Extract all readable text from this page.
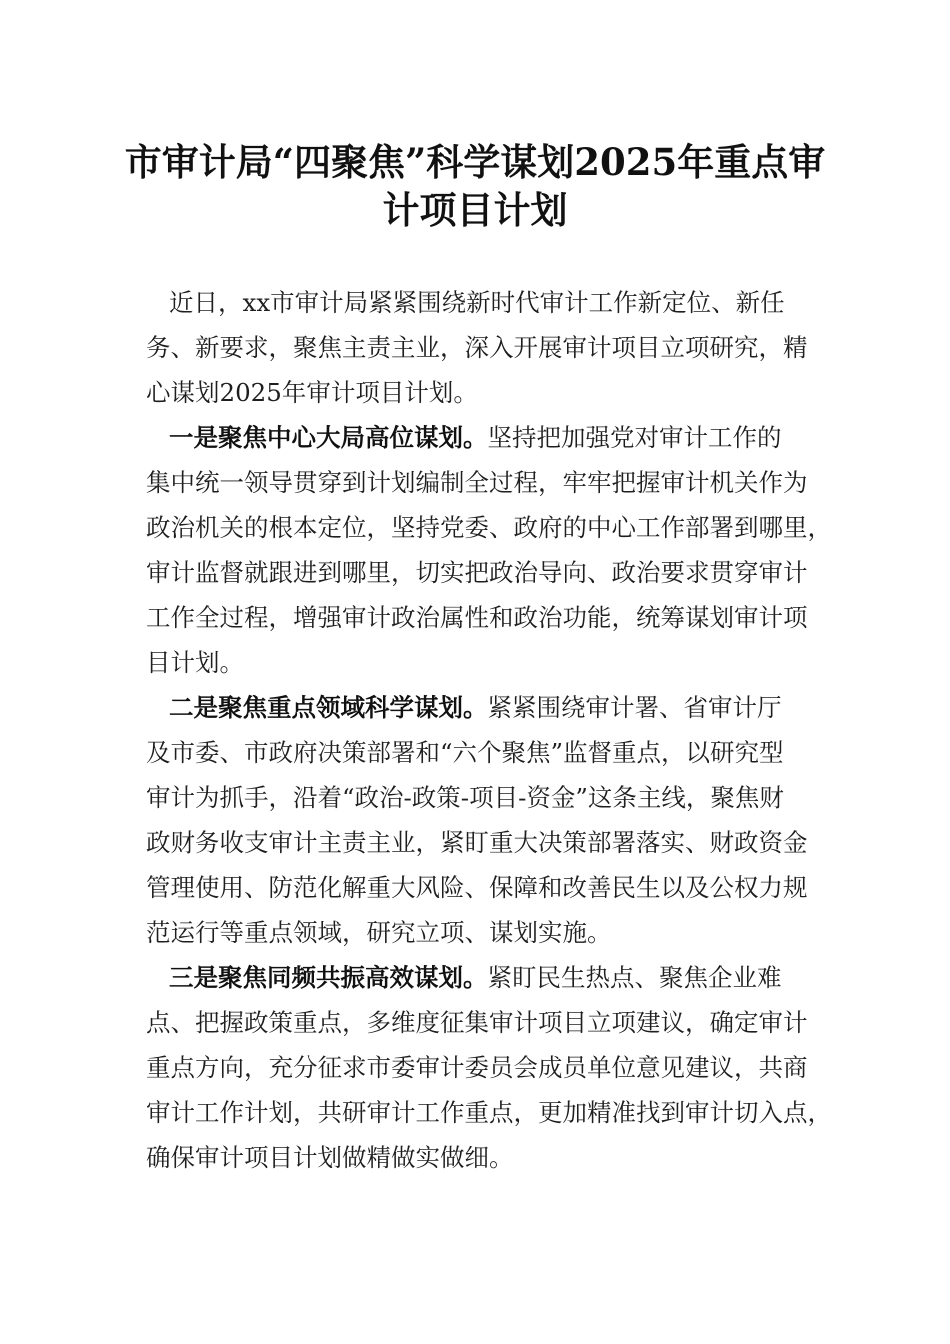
市审计局“四聚焦”科学谋划2025年重点审
计项目计划
近日，xx市审计局紧紧围绕新时代审计工作新定位、新任
务、新要求，聚焦主责主业，深入开展审计项目立项研究，精
心谋划2025年审计项目计划。
一是聚焦中心大局高位谋划。坚持把加强党对审计工作的
集中统一领导贯穿到计划编制全过程，牢牢把握审计机关作为
政治机关的根本定位，坚持党委、政府的中心工作部署到哪里，
审计监督就跟进到哪里，切实把政治导向、政治要求贯穿审计
工作全过程，增强审计政治属性和政治功能，统筹谋划审计项
目计划。
二是聚焦重点领域科学谋划。紧紧围绕审计署、省审计厅
及市委、市政府决策部署和“六个聚焦”监督重点，以研究型
审计为抓手，沿着“政治-政策-项目-资金”这条主线，聚焦财
政财务收支审计主责主业，紧盯重大决策部署落实、财政资金
管理使用、防范化解重大风险、保障和改善民生以及公权力规
范运行等重点领域，研究立项、谋划实施。
三是聚焦同频共振高效谋划。紧盯民生热点、聚焦企业难
点、把握政策重点，多维度征集审计项目立项建议，确定审计
重点方向，充分征求市委审计委员会成员单位意见建议，共商
审计工作计划，共研审计工作重点，更加精准找到审计切入点，
确保审计项目计划做精做实做细。
